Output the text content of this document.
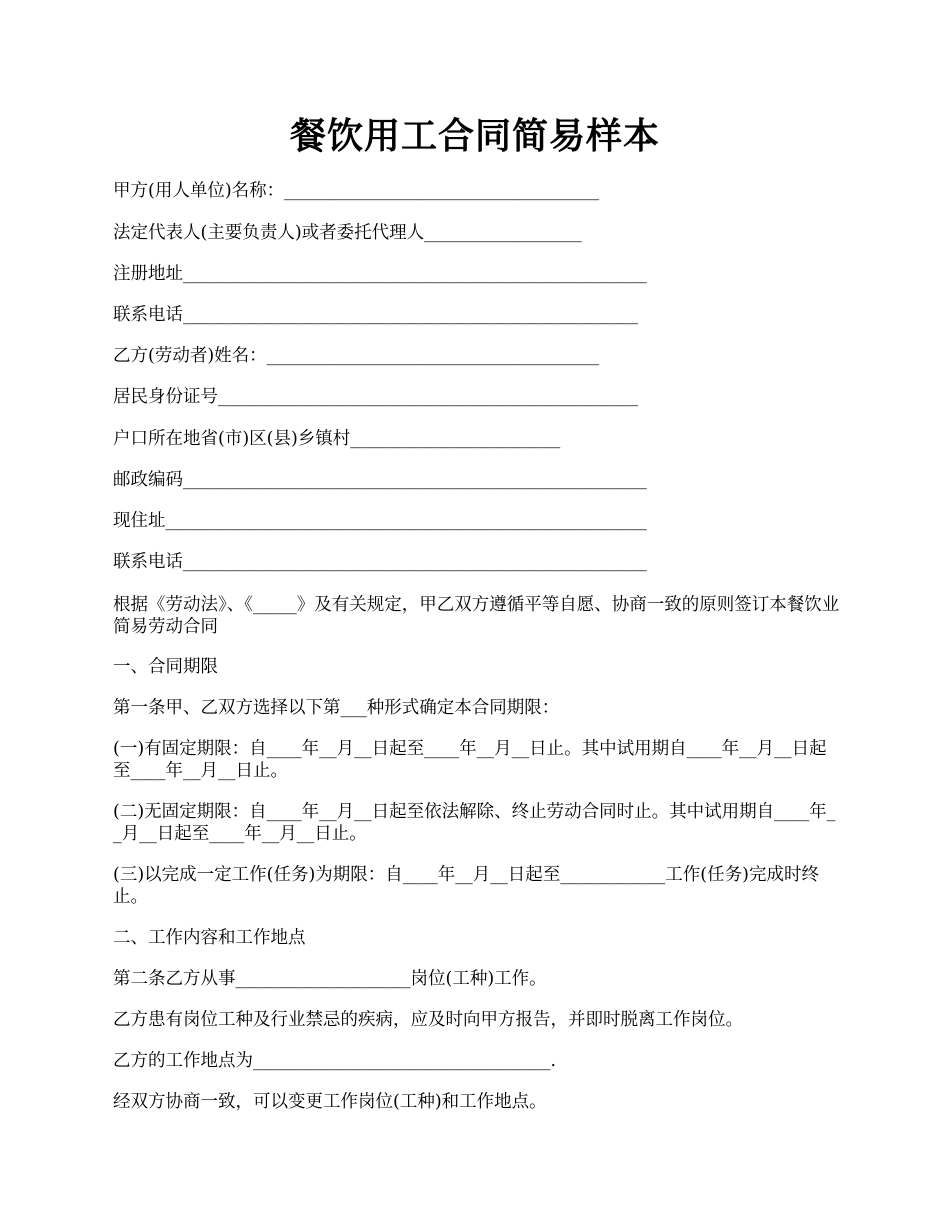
餐饮用工合同简易样本
甲方(用人单位)名称：____________________________________
法定代表人(主要负责人)或者委托代理人__________________
注册地址_____________________________________________________
联系电话____________________________________________________
乙方(劳动者)姓名：______________________________________
居民身份证号________________________________________________
户口所在地省(市)区(县)乡镇村________________________
邮政编码_____________________________________________________
现住址_______________________________________________________
联系电话_____________________________________________________
根据《劳动法》、《_____》及有关规定，甲乙双方遵循平等自愿、协商一致的原则签订本餐饮业简易劳动合同
一、合同期限
第一条甲、乙双方选择以下第___种形式确定本合同期限：
(一)有固定期限：自____年__月__日起至____年__月__日止。其中试用期自____年__月__日起至____年__月__日止。
(二)无固定期限：自____年__月__日起至依法解除、终止劳动合同时止。其中试用期自____年__月__日起至____年__月__日止。
(三)以完成一定工作(任务)为期限：自____年__月__日起至____________工作(任务)完成时终止。
二、工作内容和工作地点
第二条乙方从事____________________岗位(工种)工作。
乙方患有岗位工种及行业禁忌的疾病，应及时向甲方报告，并即时脱离工作岗位。
乙方的工作地点为__________________________________.
经双方协商一致，可以变更工作岗位(工种)和工作地点。
